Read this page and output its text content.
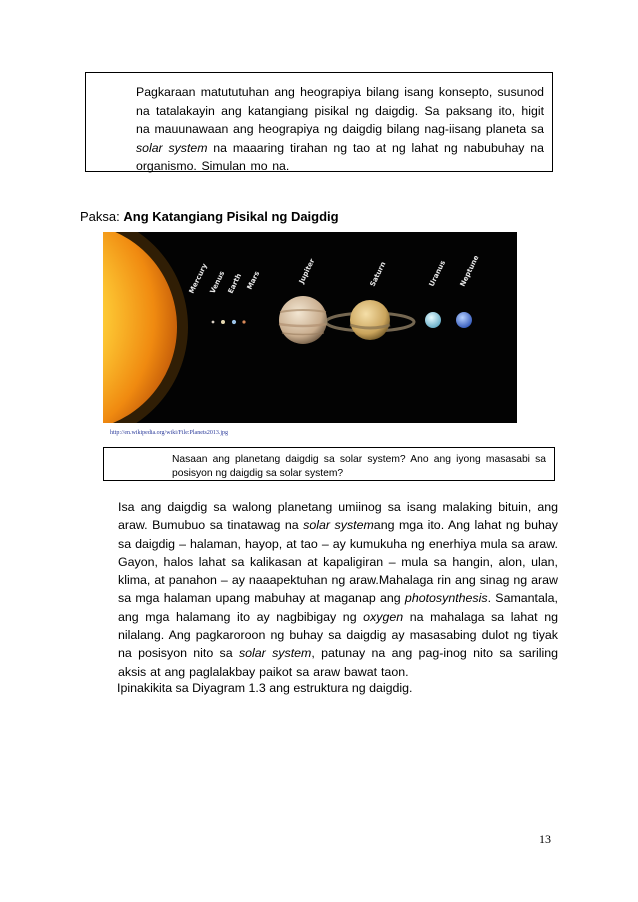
Pagkaraan matututuhan ang heograpiya bilang isang konsepto, susunod na tatalakayin ang katangiang pisikal ng daigdig. Sa paksang ito, higit na mauunawaan ang heograpiya ng daigdig bilang nag-iisang planeta sa solar system na maaaring tirahan ng tao at ng lahat ng nabubuhay na organismo. Simulan mo na.
Paksa: Ang Katangiang Pisikal ng Daigdig
Mercury Venus Earth Mars	Jupiter	Saturn	Uranus Neptune
http://en.wikipedia.org/wiki/File:Planets2013.jpg
Nasaan ang planetang daigdig sa solar system? Ano ang iyong masasabi sa posisyon ng daigdig sa solar system?
Isa ang daigdig sa walong planetang umiinog sa isang malaking bituin, ang araw. Bumubuo sa tinatawag na solar systemang mga ito. Ang lahat ng buhay sa daigdig – halaman, hayop, at tao – ay kumukuha ng enerhiya mula sa araw. Gayon, halos lahat sa kalikasan at kapaligiran – mula sa hangin, alon, ulan, klima, at panahon – ay naaapektuhan ng araw.Mahalaga rin ang sinag ng araw sa mga halaman upang mabuhay at maganap ang photosynthesis. Samantala, ang mga halamang ito ay nagbibigay ng oxygen na mahalaga sa lahat ng nilalang. Ang pagkaroroon ng buhay sa daigdig ay masasabing dulot ng tiyak na posisyon nito sa solar system, patunay na ang pag-inog nito sa sariling aksis at ang paglalakbay paikot sa araw bawat taon.
Ipinakikita sa Diyagram 1.3 ang estruktura ng daigdig.
13
